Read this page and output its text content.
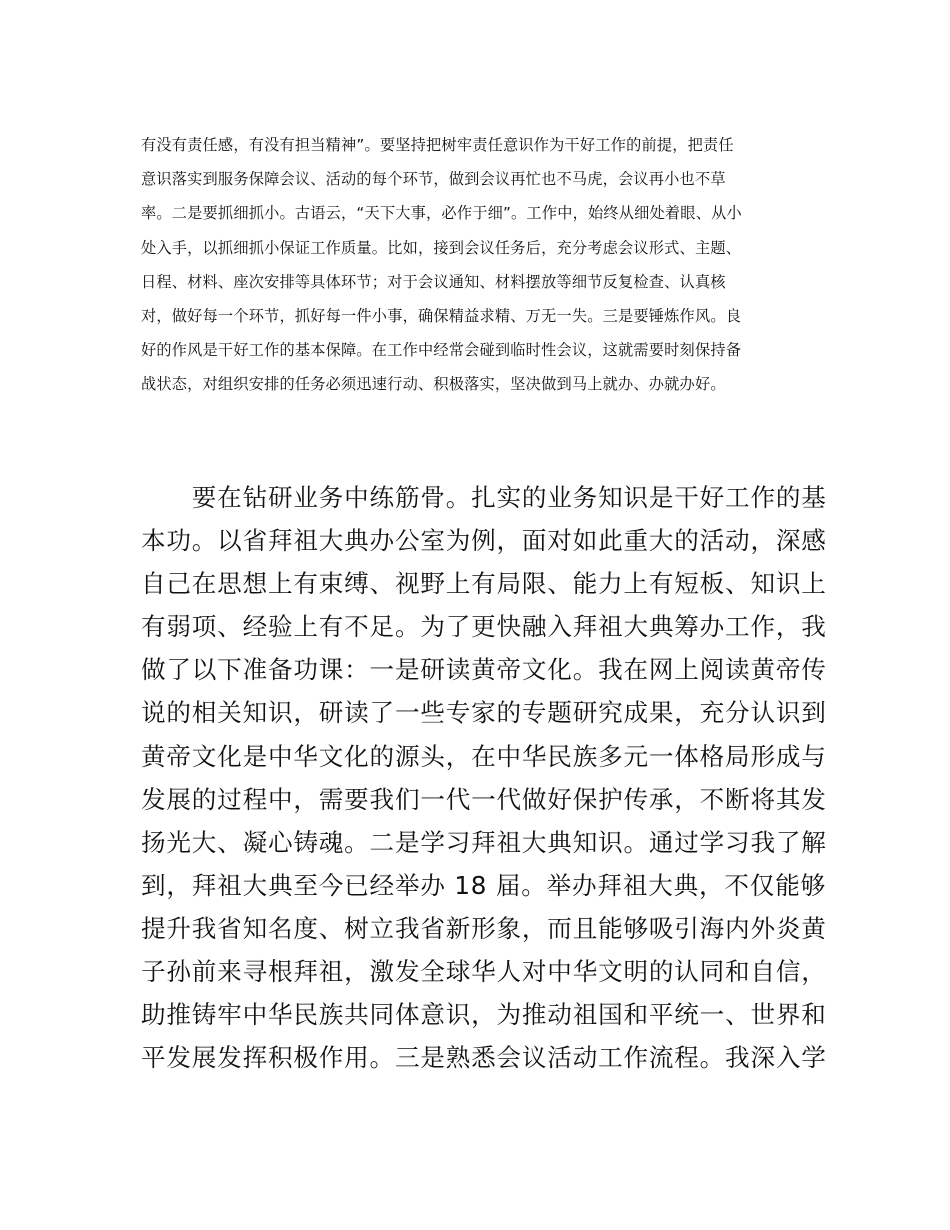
有没有责任感，有没有担当精神”。要坚持把树牢责任意识作为干好工作的前提，把责任
意识落实到服务保障会议、活动的每个环节，做到会议再忙也不马虎，会议再小也不草
率。二是要抓细抓小。古语云，“天下大事，必作于细”。工作中，始终从细处着眼、从小
处入手，以抓细抓小保证工作质量。比如，接到会议任务后，充分考虑会议形式、主题、
日程、材料、座次安排等具体环节；对于会议通知、材料摆放等细节反复检查、认真核
对，做好每一个环节，抓好每一件小事，确保精益求精、万无一失。三是要锤炼作风。良
好的作风是干好工作的基本保障。在工作中经常会碰到临时性会议，这就需要时刻保持备
战状态，对组织安排的任务必须迅速行动、积极落实，坚决做到马上就办、办就办好。
　　要在钻研业务中练筋骨。扎实的业务知识是干好工作的基
本功。以省拜祖大典办公室为例，面对如此重大的活动，深感
自己在思想上有束缚、视野上有局限、能力上有短板、知识上
有弱项、经验上有不足。为了更快融入拜祖大典筹办工作，我
做了以下准备功课：一是研读黄帝文化。我在网上阅读黄帝传
说的相关知识，研读了一些专家的专题研究成果，充分认识到
黄帝文化是中华文化的源头，在中华民族多元一体格局形成与
发展的过程中，需要我们一代一代做好保护传承，不断将其发
扬光大、凝心铸魂。二是学习拜祖大典知识。通过学习我了解
到，拜祖大典至今已经举办 18 届。举办拜祖大典，不仅能够
提升我省知名度、树立我省新形象，而且能够吸引海内外炎黄
子孙前来寻根拜祖，激发全球华人对中华文明的认同和自信，
助推铸牢中华民族共同体意识，为推动祖国和平统一、世界和
平发展发挥积极作用。三是熟悉会议活动工作流程。我深入学
